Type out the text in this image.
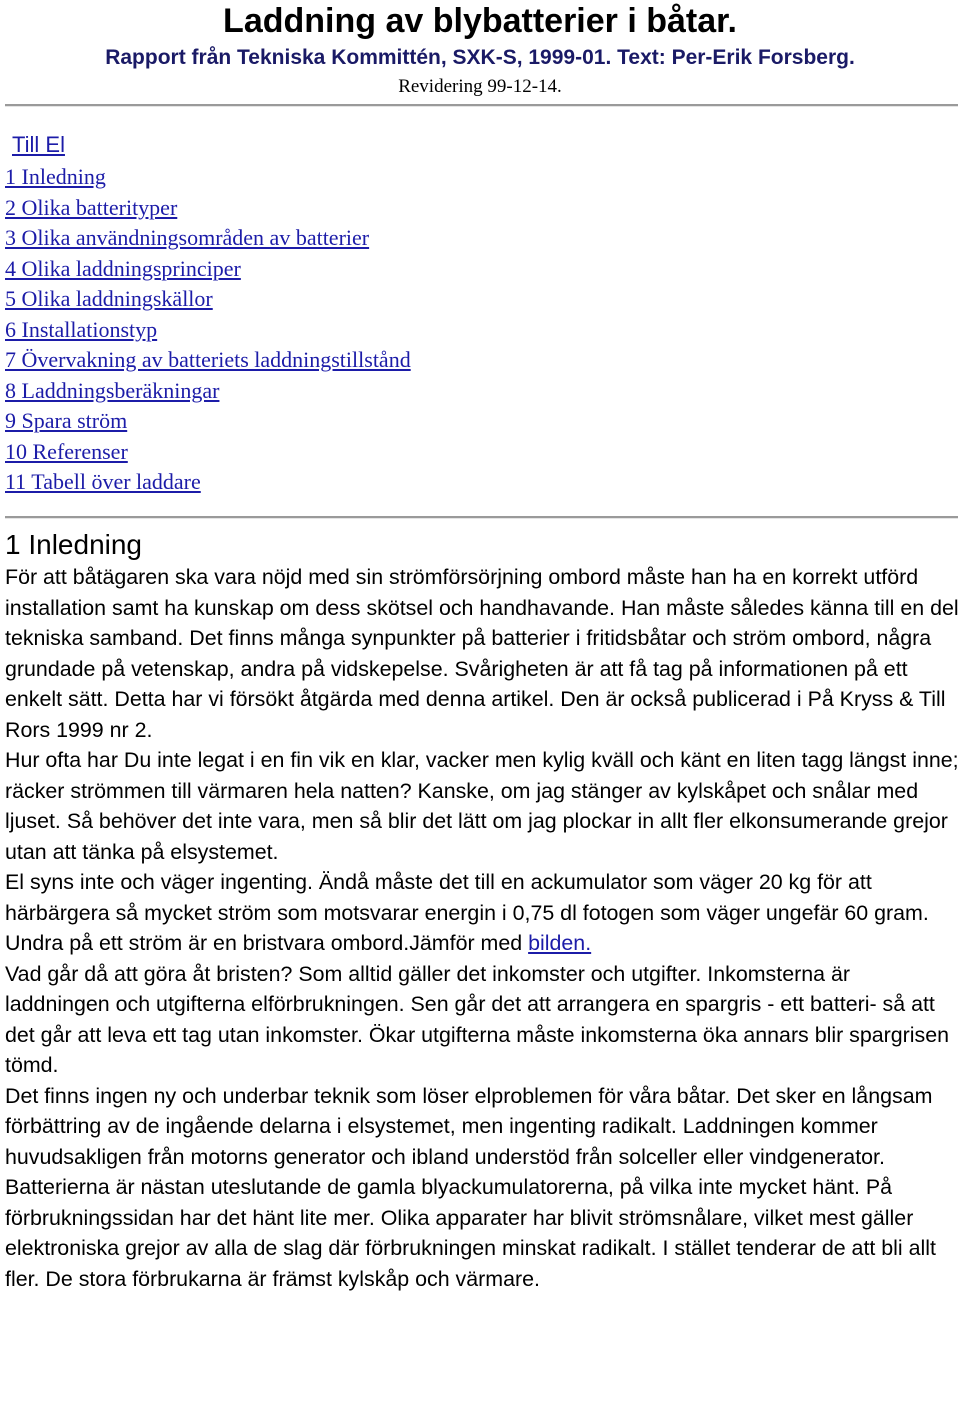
Laddning av blybatterier i båtar.
Rapport från Tekniska Kommittén, SXK-S, 1999-01. Text: Per-Erik Forsberg.
Revidering 99-12-14.
Till El
1 Inledning
2 Olika batterityper
3 Olika användningsområden av batterier
4 Olika laddningsprinciper
5 Olika laddningskällor
6 Installationstyp
7 Övervakning av batteriets laddningstillstånd
8 Laddningsberäkningar
9 Spara ström
10 Referenser
11 Tabell över laddare
1 Inledning

För att båtägaren ska vara nöjd med sin strömförsörjning ombord måste han ha en korrekt utförd installation samt ha kunskap om dess skötsel och handhavande. Han måste således känna till en del tekniska samband. Det finns många synpunkter på batterier i fritidsbåtar och ström ombord, några grundade på vetenskap, andra på vidskepelse. Svårigheten är att få tag på informationen på ett enkelt sätt. Detta har vi försökt åtgärda med denna artikel. Den är också publicerad i På Kryss & Till Rors 1999 nr 2.

Hur ofta har Du inte legat i en fin vik en klar, vacker men kylig kväll och känt en liten tagg längst inne; räcker strömmen till värmaren hela natten? Kanske, om jag stänger av kylskåpet och snålar med ljuset. Så behöver det inte vara, men så blir det lätt om jag plockar in allt fler elkonsumerande grejor utan att tänka på elsystemet.

El syns inte och väger ingenting. Ändå måste det till en ackumulator som väger 20 kg för att härbärgera så mycket ström som motsvarar energin i 0,75 dl fotogen som väger ungefär 60 gram. Undra på ett ström är en bristvara ombord.Jämför med bilden.

Vad går då att göra åt bristen? Som alltid gäller det inkomster och utgifter. Inkomsterna är laddningen och utgifterna elförbrukningen. Sen går det att arrangera en spargris - ett batteri- så att det går att leva ett tag utan inkomster. Ökar utgifterna måste inkomsterna öka annars blir spargrisen tömd.

Det finns ingen ny och underbar teknik som löser elproblemen för våra båtar. Det sker en långsam förbättring av de ingående delarna i elsystemet, men ingenting radikalt. Laddningen kommer huvudsakligen från motorns generator och ibland understöd från solceller eller vindgenerator. Batterierna är nästan uteslutande de gamla blyackumulatorerna, på vilka inte mycket hänt. På förbrukningssidan har det hänt lite mer. Olika apparater har blivit strömsnålare, vilket mest gäller elektroniska grejor av alla de slag där förbrukningen minskat radikalt. I stället tenderar de att bli allt fler. De stora förbrukarna är främst kylskåp och värmare.
